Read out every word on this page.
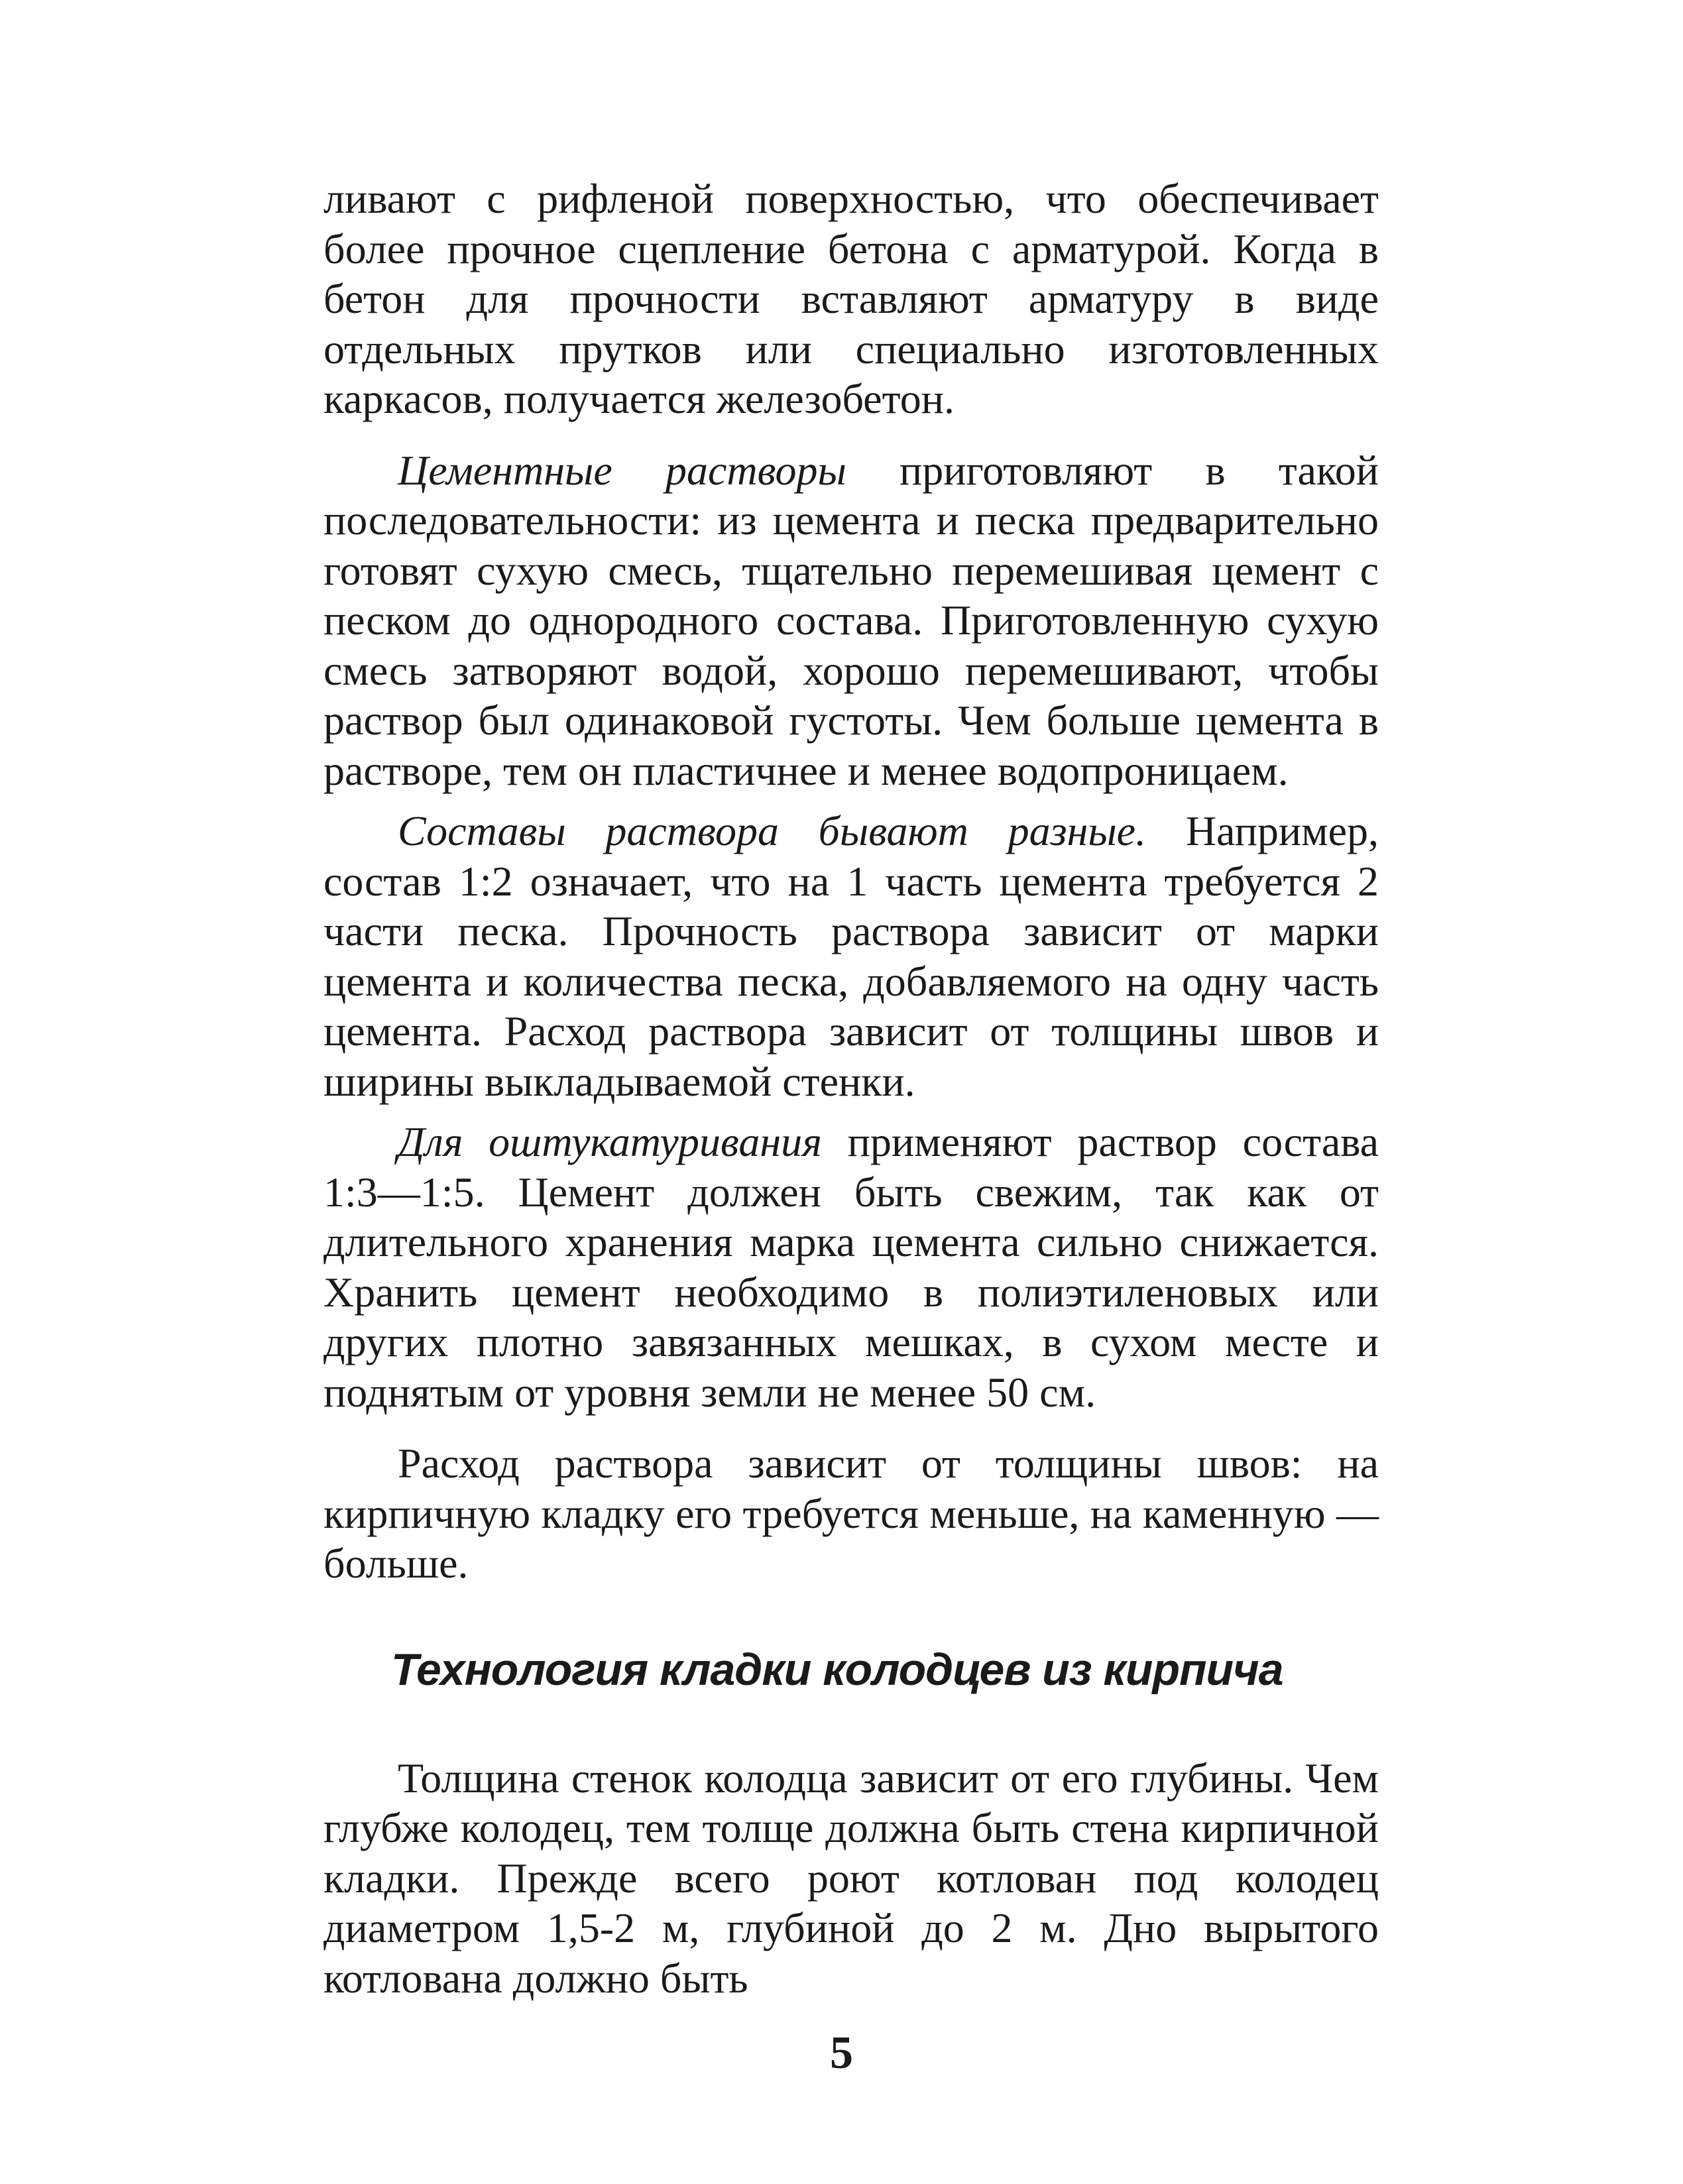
ливают с рифленой поверхностью, что обеспечивает более прочное сцепление бетона с арматурой. Когда в бетон для прочности вставляют арматуру в виде отдельных прутков или специально изготовленных каркасов, получается железобетон.

Цементные растворы приготовляют в такой последовательности: из цемента и песка предварительно готовят сухую смесь, тщательно перемешивая цемент с песком до однородного состава. Приготовленную сухую смесь затворяют водой, хорошо перемешивают, чтобы раствор был одинаковой густоты. Чем больше цемента в растворе, тем он пластичнее и менее водопроницаем.

Составы раствора бывают разные. Например, состав 1:2 означает, что на 1 часть цемента требуется 2 части песка. Прочность раствора зависит от марки цемента и количества песка, добавляемого на одну часть цемента. Расход раствора зависит от толщины швов и ширины выкладываемой стенки.

Для оштукатуривания применяют раствор состава 1:3—1:5. Цемент должен быть свежим, так как от длительного хранения марка цемента сильно снижается. Хранить цемент необходимо в полиэтиленовых или других плотно завязанных мешках, в сухом месте и поднятым от уровня земли не менее 50 см.

Расход раствора зависит от толщины швов: на кирпичную кладку его требуется меньше, на каменную — больше.

Технология кладки колодцев из кирпича

Толщина стенок колодца зависит от его глубины. Чем глубже колодец, тем толще должна быть стена кирпичной кладки. Прежде всего роют котлован под колодец диаметром 1,5-2 м, глубиной до 2 м. Дно вырытого котлована должно быть

5
